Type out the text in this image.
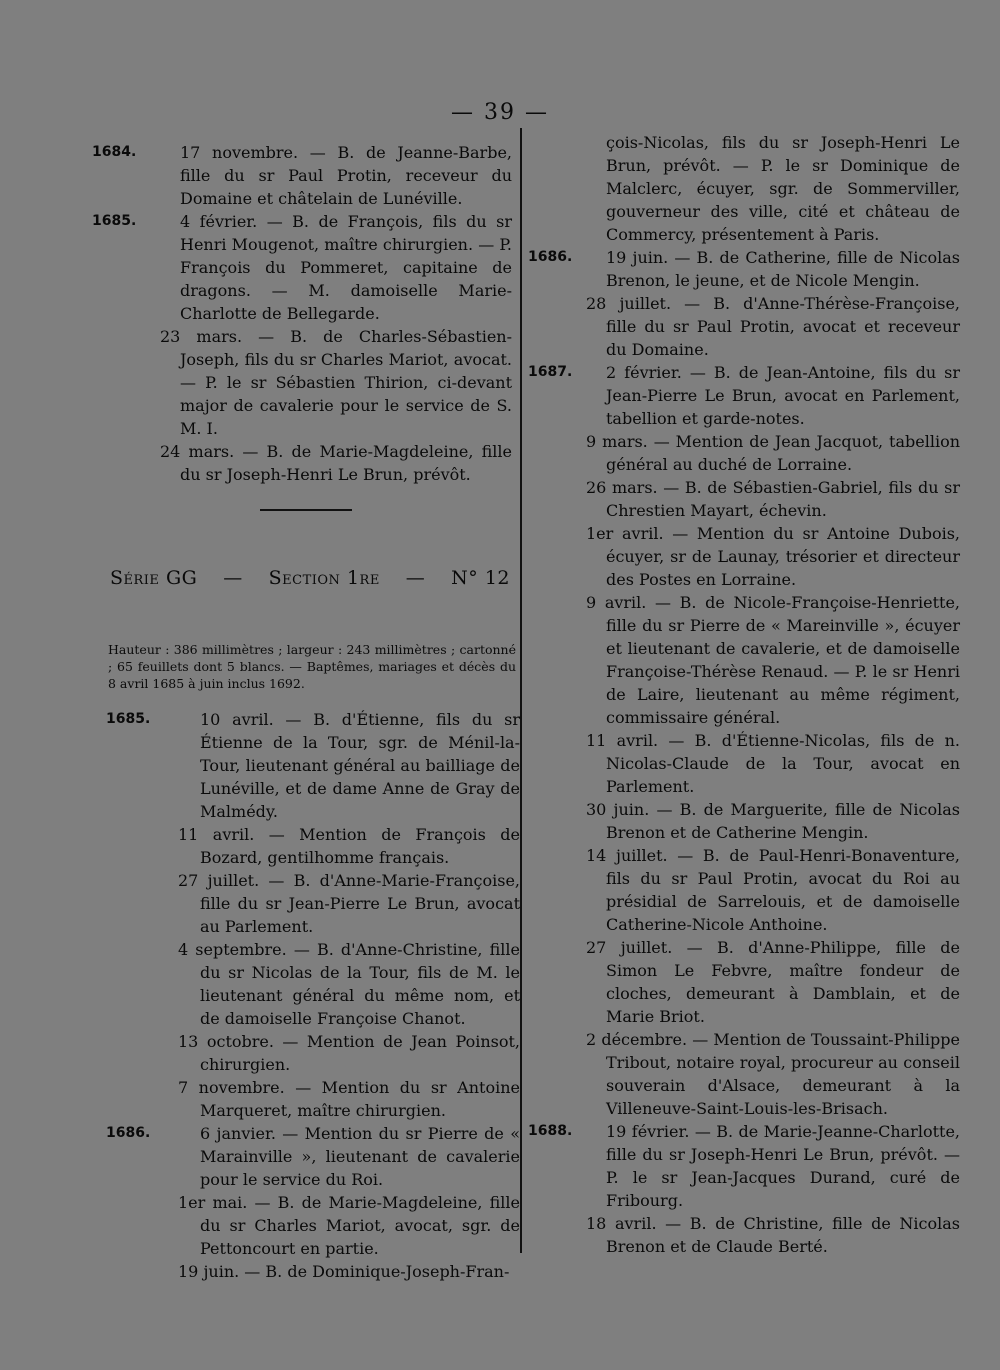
— 39 —

1684.	17 novembre. — B. de Jeanne-Barbe, fille du sr Paul Protin, receveur du Domaine et châtelain de Lunéville.

1685.	4 février. — B. de François, fils du sr Henri Mougenot, maître chirurgien. — P. François du Pommeret, capitaine de dragons. — M. damoiselle Marie-Charlotte de Bellegarde.

23 mars. — B. de Charles-Sébastien-Joseph, fils du sr Charles Mariot, avocat. — P. le sr Sébastien Thirion, ci-devant major de cavalerie pour le service de S. M. I.

24 mars. — B. de Marie-Magdeleine, fille du sr Joseph-Henri Le Brun, prévôt.

Série GG — Section 1re — N° 12

Hauteur : 386 millimètres ; largeur : 243 millimètres ; cartonné ; 65 feuillets dont 5 blancs. — Baptêmes, mariages et décès du 8 avril 1685 à juin inclus 1692.

1685.	10 avril. — B. d'Étienne, fils du sr Étienne de la Tour, sgr. de Ménil-la-Tour, lieutenant général au bailliage de Lunéville, et de dame Anne de Gray de Malmédy.

11 avril. — Mention de François de Bozard, gentilhomme français.

27 juillet. — B. d'Anne-Marie-Françoise, fille du sr Jean-Pierre Le Brun, avocat au Parlement.

4 septembre. — B. d'Anne-Christine, fille du sr Nicolas de la Tour, fils de M. le lieutenant général du même nom, et de damoiselle Françoise Chanot.

13 octobre. — Mention de Jean Poinsot, chirurgien.

7 novembre. — Mention du sr Antoine Marqueret, maître chirurgien.

1686.	6 janvier. — Mention du sr Pierre de « Marainville », lieutenant de cavalerie pour le service du Roi.

1er mai. — B. de Marie-Magdeleine, fille du sr Charles Mariot, avocat, sgr. de Pettoncourt en partie.

19 juin. — B. de Dominique-Joseph-Fran-

çois-Nicolas, fils du sr Joseph-Henri Le Brun, prévôt. — P. le sr Dominique de Malclerc, écuyer, sgr. de Sommerviller, gouverneur des ville, cité et château de Commercy, présentement à Paris.

1686. 19 juin. — B. de Catherine, fille de Nicolas Brenon, le jeune, et de Nicole Mengin.

28 juillet. — B. d'Anne-Thérèse-Françoise, fille du sr Paul Protin, avocat et receveur du Domaine.

1687. 2 février. — B. de Jean-Antoine, fils du sr Jean-Pierre Le Brun, avocat en Parlement, tabellion et garde-notes.

9 mars. — Mention de Jean Jacquot, tabellion général au duché de Lorraine.

26 mars. — B. de Sébastien-Gabriel, fils du sr Chrestien Mayart, échevin.

1er avril. — Mention du sr Antoine Dubois, écuyer, sr de Launay, trésorier et directeur des Postes en Lorraine.

9 avril. — B. de Nicole-Françoise-Henriette, fille du sr Pierre de « Mareinville », écuyer et lieutenant de cavalerie, et de damoiselle Françoise-Thérèse Renaud. — P. le sr Henri de Laire, lieutenant au même régiment, commissaire général.

11 avril. — B. d'Étienne-Nicolas, fils de n. Nicolas-Claude de la Tour, avocat en Parlement.

30 juin. — B. de Marguerite, fille de Nicolas Brenon et de Catherine Mengin.

14 juillet. — B. de Paul-Henri-Bonaventure, fils du sr Paul Protin, avocat du Roi au présidial de Sarrelouis, et de damoiselle Catherine-Nicole Anthoine.

27 juillet. — B. d'Anne-Philippe, fille de Simon Le Febvre, maître fondeur de cloches, demeurant à Damblain, et de Marie Briot.

2 décembre. — Mention de Toussaint-Philippe Tribout, notaire royal, procureur au conseil souverain d'Alsace, demeurant à la Villeneuve-Saint-Louis-les-Brisach.

1688. 19 février. — B. de Marie-Jeanne-Charlotte, fille du sr Joseph-Henri Le Brun, prévôt. — P. le sr Jean-Jacques Durand, curé de Fribourg.

18 avril. — B. de Christine, fille de Nicolas Brenon et de Claude Berté.
